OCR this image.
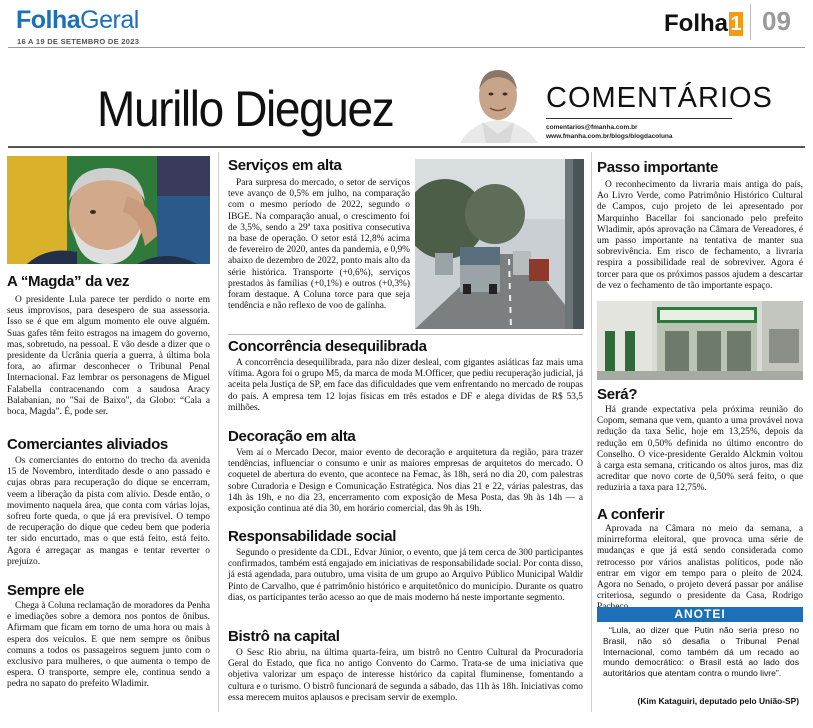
FolhaGeral
16 A 19 DE SETEMBRO DE 2023
Folha 1 09
Murillo Dieguez	COMENTÁRIOS
comentarios@fmanha.com.br
www.fmanha.com.br/blogs/blogdacoluna
A “Magda” da vez
O presidente Lula parece ter perdido o norte em seus improvisos, para desespero de sua assessoria. Isso se é que em algum momento ele ouve alguém. Suas gafes têm feito estragos na imagem do governo, mas, sobretudo, na pessoal. E vão desde a dizer que o presidente da Ucrânia queria a guerra, à última bola fora, ao afirmar desconhecer o Tribunal Penal Internacional. Faz lembrar os personagens de Miguel Falabella contracenando com a saudosa Aracy Balabanian, no "Sai de Baixo", da Globo: “Cala a boca, Magda”. É, pode ser.
Comerciantes aliviados
Os comerciantes do entorno do trecho da avenida 15 de Novembro, interditado desde o ano passado e cujas obras para recuperação do dique se encerram, veem a liberação da pista com alívio. Desde então, o movimento naquela área, que conta com várias lojas, sofreu forte queda, o que já era previsível. O tempo de recuperação do dique que cedeu bem que poderia ter sido encurtado, mas o que está feito, está feito. Agora é arregaçar as mangas e tentar reverter o prejuízo.
Sempre ele
Chega à Coluna reclamação de moradores da Penha e imediações sobre a demora nos pontos de ônibus. Afirmam que ficam em torno de uma hora ou mais à espera dos veículos. E que nem sempre os ônibus comuns a todos os passageiros seguem junto com o exclusivo para mulheres, o que aumenta o tempo de espera. O transporte, sempre ele, continua sendo a pedra no sapato do prefeito Wladimir.
Serviços em alta
Para surpresa do mercado, o setor de serviços teve avanço de 0,5% em julho, na comparação com o mesmo período de 2022, segundo o IBGE. Na comparação anual, o crescimento foi de 3,5%, sendo a 29ª taxa positiva consecutiva na base de operação. O setor está 12,8% acima de fevereiro de 2020, antes da pandemia, e 0,9% abaixo de dezembro de 2022, ponto mais alto da série histórica. Transporte (+0,6%), serviços prestados às famílias (+0,1%) e outros (+0,3%) foram destaque. A Coluna torce para que seja tendência e não reflexo de voo de galinha.
Concorrência desequilibrada
A concorrência desequilibrada, para não dizer desleal, com gigantes asiáticas faz mais uma vítima. Agora foi o grupo M5, da marca de moda M.Officer, que pediu recuperação judicial, já aceita pela Justiça de SP, em face das dificuldades que vem enfrentando no mercado de roupas do país. A empresa tem 12 lojas físicas em três estados e DF e alega dívidas de R$ 53,5 milhões.
Decoração em alta
Vem aí o Mercado Decor, maior evento de decoração e arquitetura da região, para trazer tendências, influenciar o consumo e unir as maiores empresas de arquitetos do mercado. O coquetel de abertura do evento, que acontece na Femac, às 18h, será no dia 20, com palestras sobre Curadoria e Design e Comunicação Estratégica. Nos dias 21 e 22, várias palestras, das 14h às 19h, e no dia 23, encerramento com exposição de Mesa Posta, das 9h às 14h — a exposição continua até dia 30, em horário comercial, das 9h às 19h.
Responsabilidade social
Segundo o presidente da CDL, Edvar Júnior, o evento, que já tem cerca de 300 participantes confirmados, também está engajado em iniciativas de responsabilidade social. Por conta disso, já está agendada, para outubro, uma visita de um grupo ao Arquivo Público Municipal Waldir Pinto de Carvalho, que é patrimônio histórico e arquitetônico do município. Durante os quatro dias, os participantes terão acesso ao que de mais moderno há neste importante segmento.
Bistrô na capital
O Sesc Rio abriu, na última quarta-feira, um bistrô no Centro Cultural da Procuradoria Geral do Estado, que fica no antigo Convento do Carmo. Trata-se de uma iniciativa que objetiva valorizar um espaço de interesse histórico da capital fluminense, fomentando a cultura e o turismo. O bistrô funcionará de segunda a sábado, das 11h às 18h. Iniciativas como essa merecem muitos aplausos e precisam servir de exemplo.
Passo importante
O reconhecimento da livraria mais antiga do país, Ao Livro Verde, como Patrimônio Histórico Cultural de Campos, cujo projeto de lei apresentado por Marquinho Bacellar foi sancionado pelo prefeito Wladimir, após aprovação na Câmara de Vereadores, é um passo importante na tentativa de manter sua sobrevivência. Em risco de fechamento, a livraria respira a possibilidade real de sobreviver. Agora é torcer para que os próximos passos ajudem a descartar de vez o fechamento de tão importante espaço.
Será?
Há grande expectativa pela próxima reunião do Copom, semana que vem, quanto a uma provável nova redução da taxa Selic, hoje em 13,25%, depois da redução em 0,50% definida no último encontro do Conselho. O vice-presidente Geraldo Alckmin voltou à carga esta semana, criticando os altos juros, mas diz acreditar que novo corte de 0,50% será feito, o que reduziria a taxa para 12,75%.
A conferir
Aprovada na Câmara no meio da semana, a minirreforma eleitoral, que provoca uma série de mudanças e que já está sendo considerada como retrocesso por vários analistas políticos, pode não entrar em vigor em tempo para o pleito de 2024. Agora no Senado, o projeto deverá passar por análise criteriosa, segundo o presidente da Casa, Rodrigo
ANOTEI
“Lula, ao dizer que Putin não seria preso no Brasil, não só desafia o Tribunal Penal Internacional, como também dá um recado ao mundo democrático: o Brasil está ao lado dos autoritários que atentam contra o mundo livre”.
(Kim Kataguiri, deputado pelo União-SP)
